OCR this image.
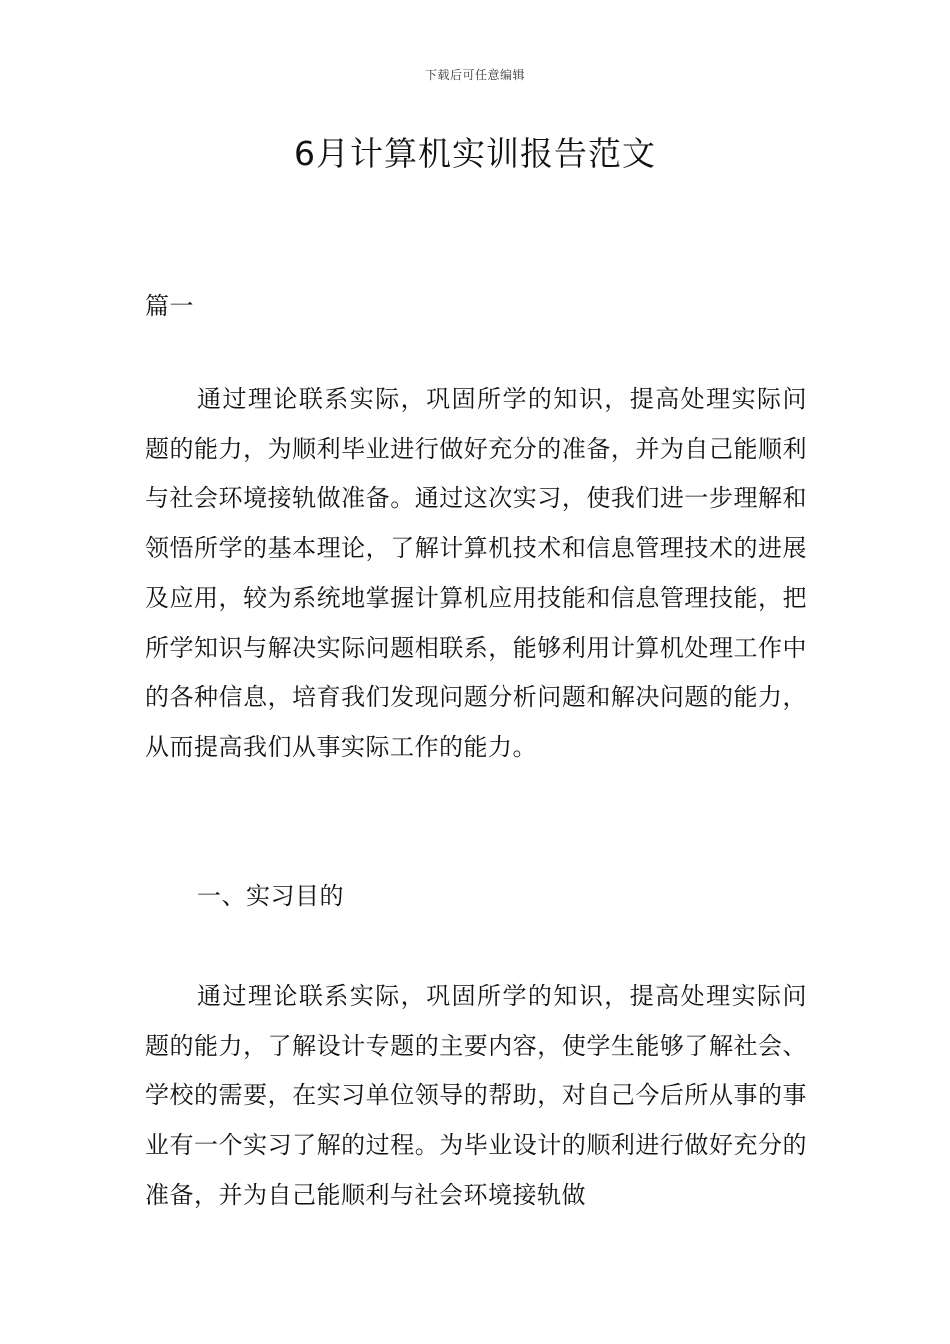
下载后可任意编辑
6月计算机实训报告范文

篇一

通过理论联系实际，巩固所学的知识，提高处理实际问题的能力，为顺利毕业进行做好充分的准备，并为自己能顺利与社会环境接轨做准备。通过这次实习，使我们进一步理解和领悟所学的基本理论，了解计算机技术和信息管理技术的进展及应用，较为系统地掌握计算机应用技能和信息管理技能，把所学知识与解决实际问题相联系，能够利用计算机处理工作中的各种信息，培育我们发现问题分析问题和解决问题的能力，从而提高我们从事实际工作的能力。

一、实习目的

通过理论联系实际，巩固所学的知识，提高处理实际问题的能力，了解设计专题的主要内容，使学生能够了解社会、学校的需要，在实习单位领导的帮助，对自己今后所从事的事业有一个实习了解的过程。为毕业设计的顺利进行做好充分的准备，并为自己能顺利与社会环境接轨做
